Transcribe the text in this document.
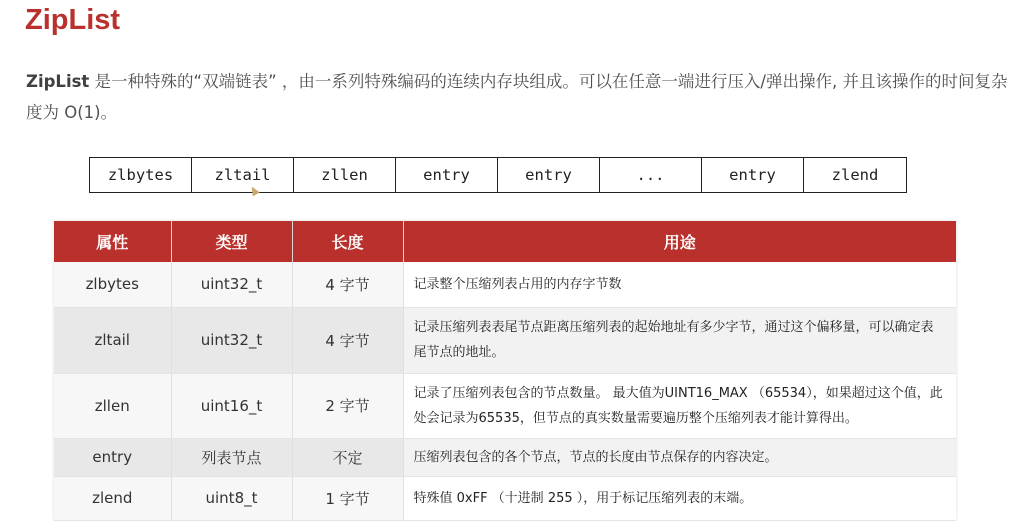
ZipList
ZipList 是一种特殊的“双端链表” ，由一系列特殊编码的连续内存块组成。可以在任意一端进行压入/弹出操作, 并且该操作的时间复杂度为 O(1)。
zlbytes	zltail	zllen	entry	entry	...	entry	zlend
属性	类型	长度	用途
zlbytes	uint32_t	4 字节	记录整个压缩列表占用的内存字节数
zltail	uint32_t	4 字节	记录压缩列表表尾节点距离压缩列表的起始地址有多少字节，通过这个偏移量，可以确定表尾节点的地址。
zllen	uint16_t	2 字节	记录了压缩列表包含的节点数量。 最大值为UINT16_MAX （65534），如果超过这个值，此处会记录为65535，但节点的真实数量需要遍历整个压缩列表才能计算得出。
entry	列表节点	不定	压缩列表包含的各个节点，节点的长度由节点保存的内容决定。
zlend	uint8_t	1 字节	特殊值 0xFF （十进制 255 ），用于标记压缩列表的末端。
